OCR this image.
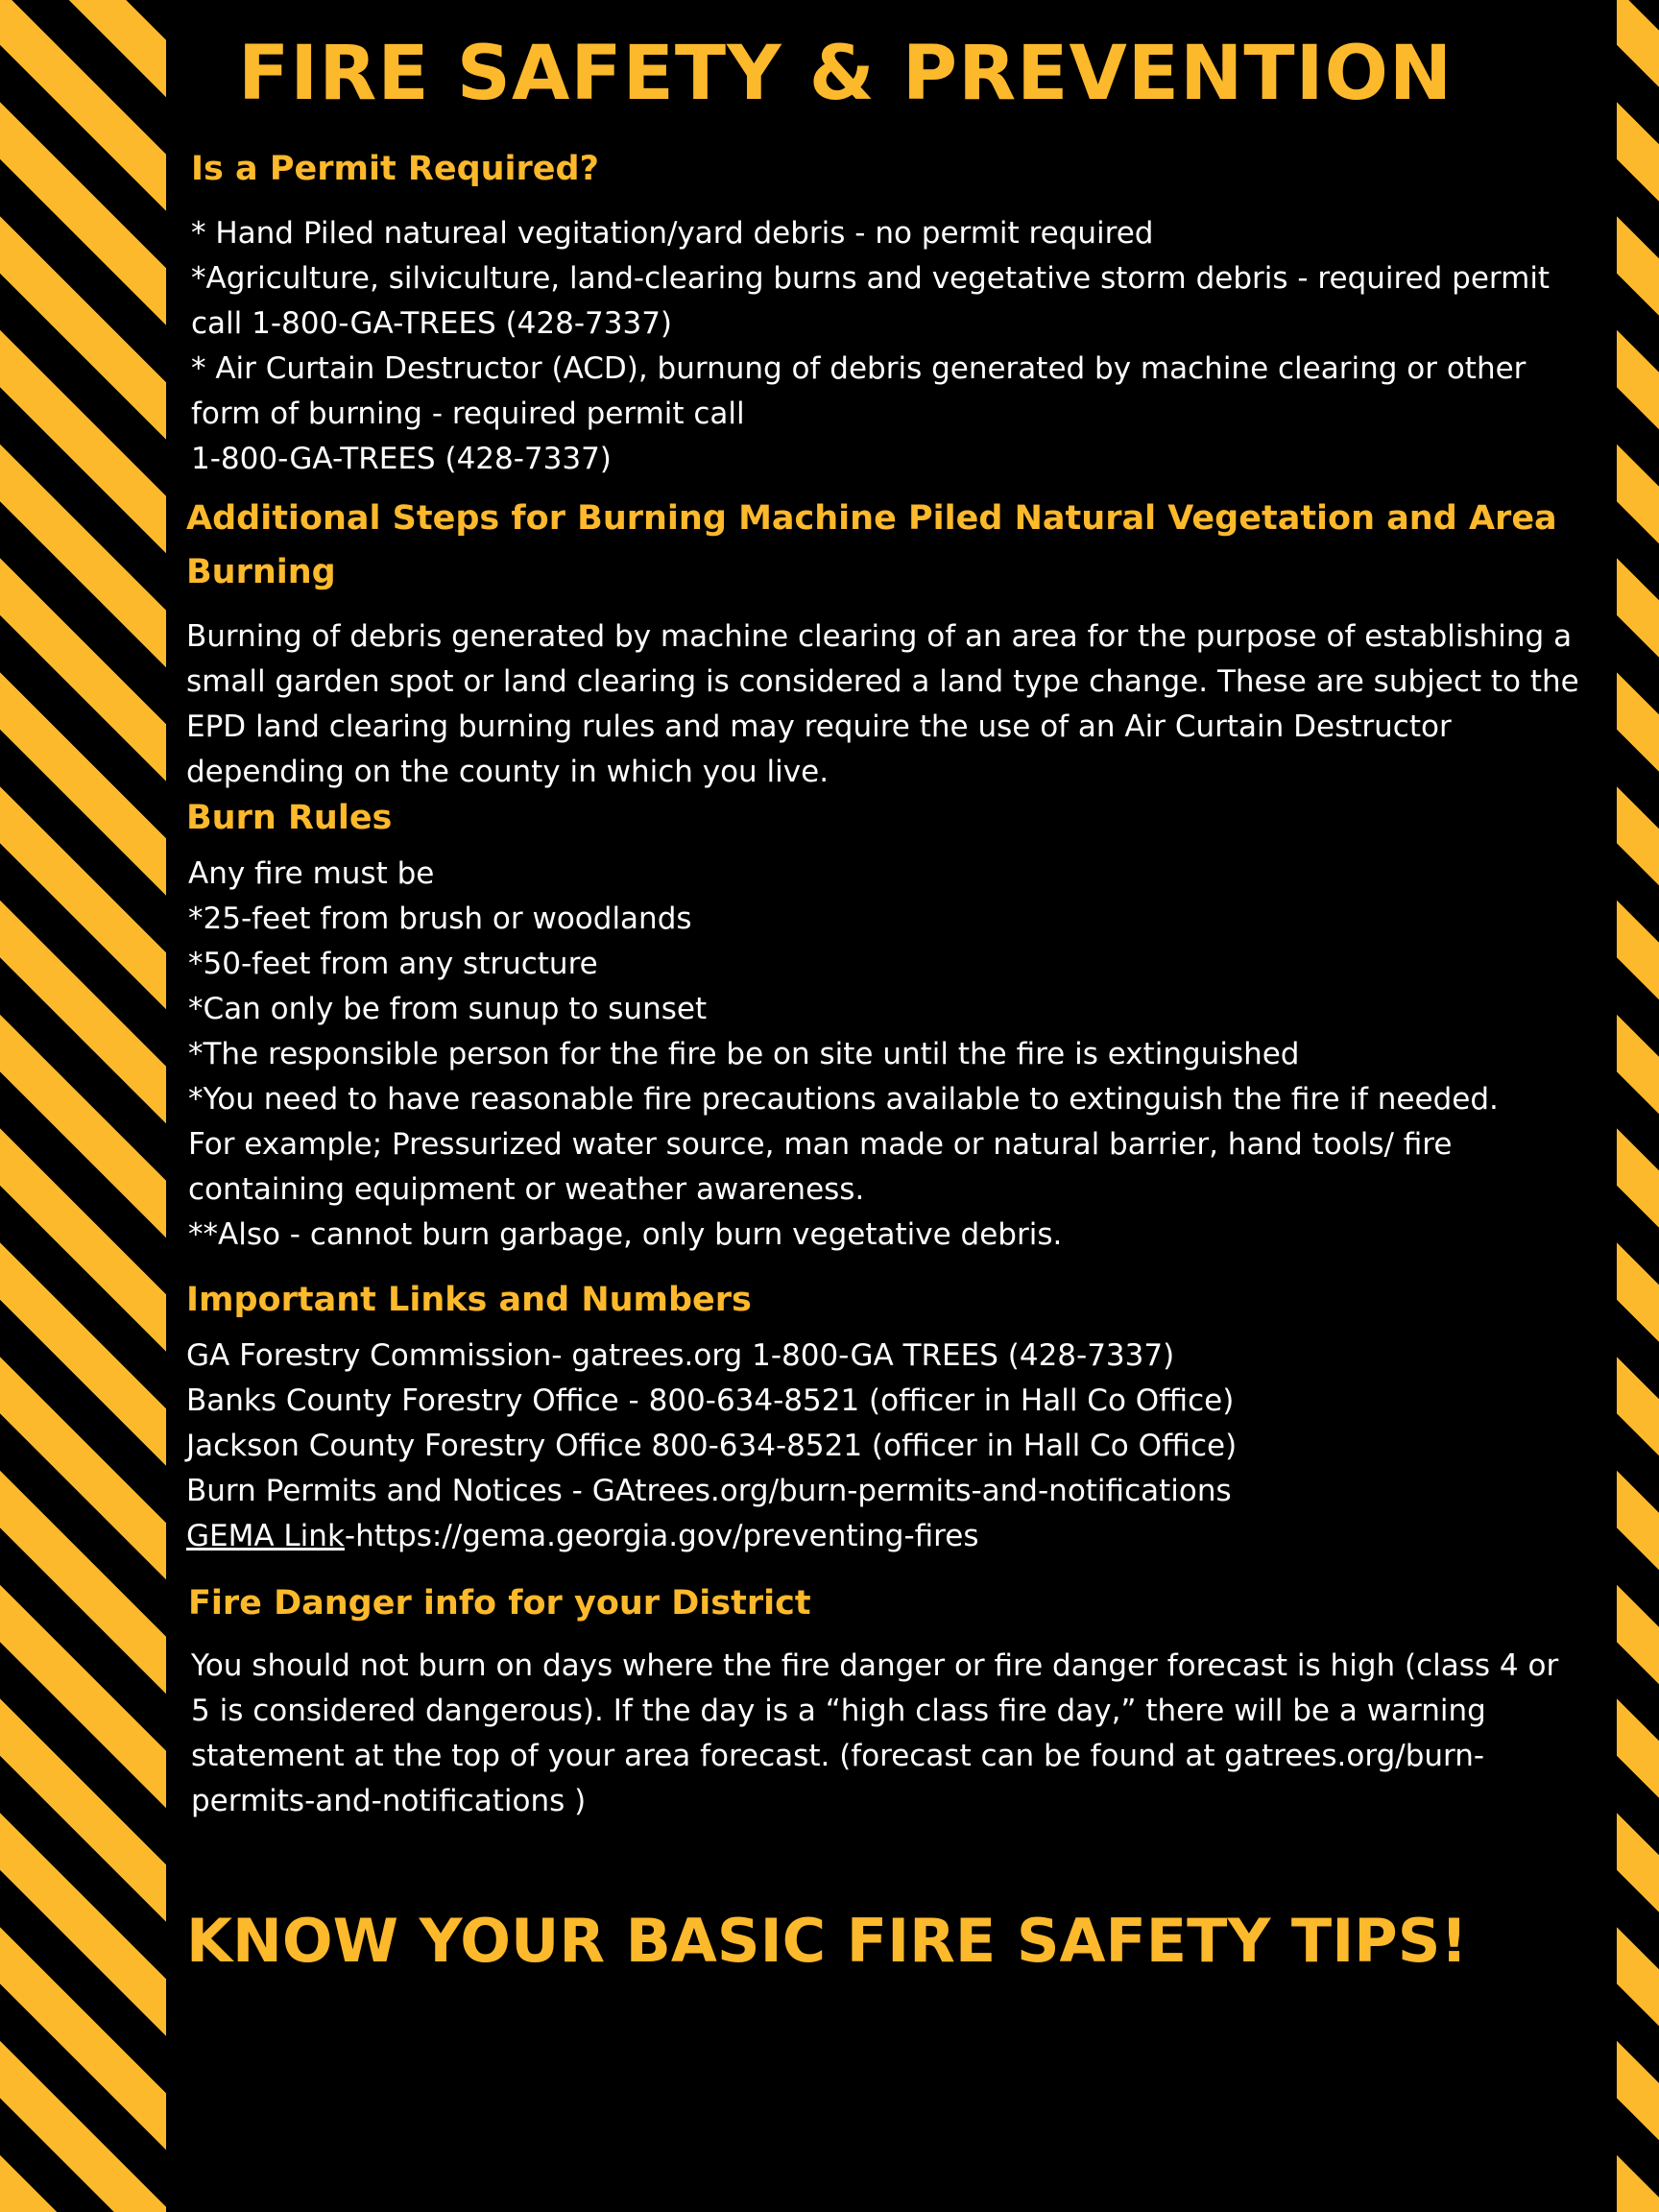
FIRE SAFETY & PREVENTION
Is a Permit Required?
* Hand Piled natureal vegitation/yard debris - no permit required
*Agriculture, silviculture, land-clearing burns and vegetative storm debris - required permit
call 1-800-GA-TREES (428-7337)
* Air Curtain Destructor (ACD), burnung of debris generated by machine clearing or other
form of burning - required permit call
1-800-GA-TREES (428-7337)
Additional Steps for Burning Machine Piled Natural Vegetation and Area
Burning
Burning of debris generated by machine clearing of an area for the purpose of establishing a
small garden spot or land clearing is considered a land type change. These are subject to the
EPD land clearing burning rules and may require the use of an Air Curtain Destructor
depending on the county in which you live.
Burn Rules
Any fire must be
*25-feet from brush or woodlands
*50-feet from any structure
*Can only be from sunup to sunset
*The responsible person for the fire be on site until the fire is extinguished
*You need to have reasonable fire precautions available to extinguish the fire if needed.
For example; Pressurized water source, man made or natural barrier, hand tools/ fire
containing equipment or weather awareness.
**Also - cannot burn garbage, only burn vegetative debris.
Important Links and Numbers
GA Forestry Commission- gatrees.org 1-800-GA TREES (428-7337)
Banks County Forestry Office - 800-634-8521 (officer in Hall Co Office)
Jackson County Forestry Office 800-634-8521 (officer in Hall Co Office)
Burn Permits and Notices - GAtrees.org/burn-permits-and-notifications
GEMA Link-https://gema.georgia.gov/preventing-fires
Fire Danger info for your District
You should not burn on days where the fire danger or fire danger forecast is high (class 4 or
5 is considered dangerous). If the day is a “high class fire day,” there will be a warning
statement at the top of your area forecast. (forecast can be found at gatrees.org/burn-
permits-and-notifications )
KNOW YOUR BASIC FIRE SAFETY TIPS!
